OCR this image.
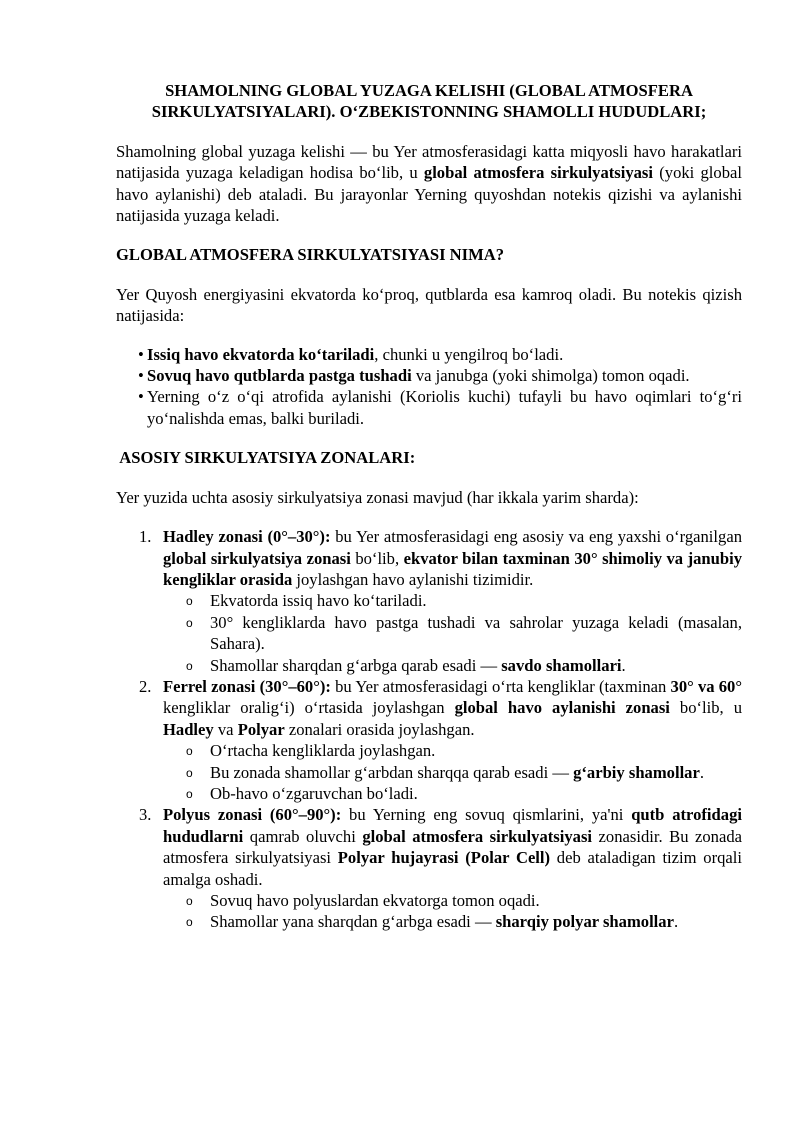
SHAMOLNING GLOBAL YUZAGA KELISHI (GLOBAL ATMOSFERA SIRKULYATSIYALARI). O‘ZBEKISTONNING SHAMOLLI HUDUDLARI;

Shamolning global yuzaga kelishi — bu Yer atmosferasidagi katta miqyosli havo harakatlari natijasida yuzaga keladigan hodisa bo‘lib, u global atmosfera sirkulyatsiyasi (yoki global havo aylanishi) deb ataladi. Bu jarayonlar Yerning quyoshdan notekis qizishi va aylanishi natijasida yuzaga keladi.

GLOBAL ATMOSFERA SIRKULYATSIYASI NIMA?

Yer Quyosh energiyasini ekvatorda ko‘proq, qutblarda esa kamroq oladi. Bu notekis qizish natijasida:

• Issiq havo ekvatorda ko‘tariladi, chunki u yengilroq bo‘ladi.
• Sovuq havo qutblarda pastga tushadi va janubga (yoki shimolga) tomon oqadi.
• Yerning o‘z o‘qi atrofida aylanishi (Koriolis kuchi) tufayli bu havo oqimlari to‘g‘ri yo‘nalishda emas, balki buriladi.
ASOSIY SIRKULYATSIYA ZONALARI:

Yer yuzida uchta asosiy sirkulyatsiya zonasi mavjud (har ikkala yarim sharda):

1. Hadley zonasi (0°–30°): bu Yer atmosferasidagi eng asosiy va eng yaxshi o‘rganilgan global sirkulyatsiya zonasi bo‘lib, ekvator bilan taxminan 30° shimoliy va janubiy kengliklar orasida joylashgan havo aylanishi tizimidir.
o Ekvatorda issiq havo ko‘tariladi.
o 30° kengliklarda havo pastga tushadi va sahrolar yuzaga keladi (masalan, Sahara).
o Shamollar sharqdan g‘arbga qarab esadi — savdo shamollari.
2. Ferrel zonasi (30°–60°): bu Yer atmosferasidagi o‘rta kengliklar (taxminan 30° va 60° kengliklar oralig‘i) o‘rtasida joylashgan global havo aylanishi zonasi bo‘lib, u Hadley va Polyar zonalari orasida joylashgan.
o O‘rtacha kengliklarda joylashgan.
o Bu zonada shamollar g‘arbdan sharqqa qarab esadi — g‘arbiy shamollar.
o Ob-havo o‘zgaruvchan bo‘ladi.
3. Polyus zonasi (60°–90°): bu Yerning eng sovuq qismlarini, ya'ni qutb atrofidagi hududlarni qamrab oluvchi global atmosfera sirkulyatsiyasi zonasidir. Bu zonada atmosfera sirkulyatsiyasi Polyar hujayrasi (Polar Cell) deb ataladigan tizim orqali amalga oshadi.
o Sovuq havo polyuslardan ekvatorga tomon oqadi.
o Shamollar yana sharqdan g‘arbga esadi — sharqiy polyar shamollar.
